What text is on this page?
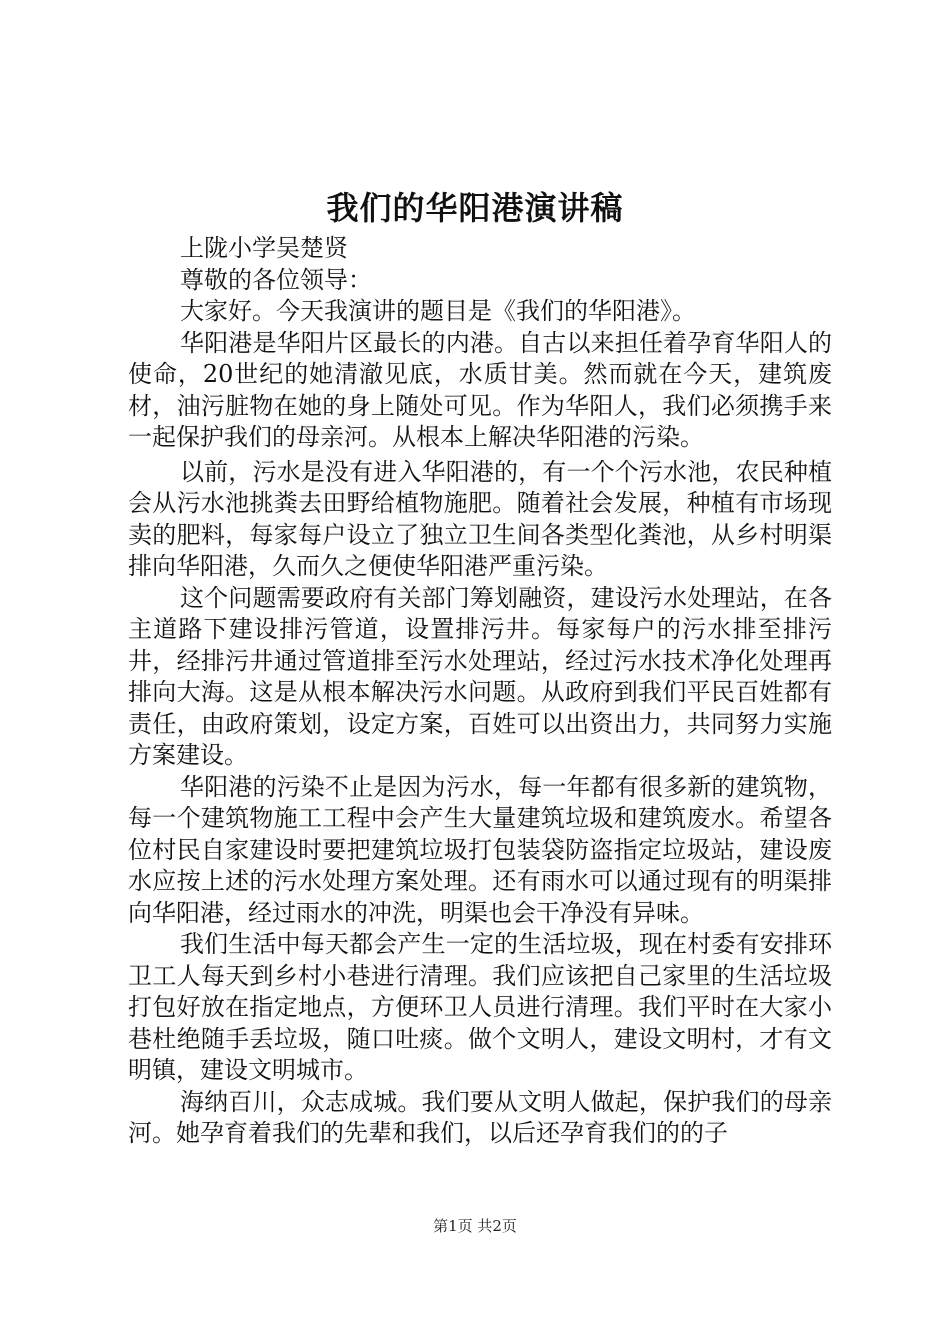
我们的华阳港演讲稿

上陇小学吴楚贤

尊敬的各位领导：

大家好。今天我演讲的题目是《我们的华阳港》。

华阳港是华阳片区最长的内港。自古以来担任着孕育华阳人的使命，20世纪的她清澈见底，水质甘美。然而就在今天，建筑废材，油污脏物在她的身上随处可见。作为华阳人，我们必须携手来一起保护我们的母亲河。从根本上解决华阳港的污染。

以前，污水是没有进入华阳港的，有一个个污水池，农民种植会从污水池挑粪去田野给植物施肥。随着社会发展，种植有市场现卖的肥料，每家每户设立了独立卫生间各类型化粪池，从乡村明渠排向华阳港，久而久之便使华阳港严重污染。

这个问题需要政府有关部门筹划融资，建设污水处理站，在各主道路下建设排污管道，设置排污井。每家每户的污水排至排污井，经排污井通过管道排至污水处理站，经过污水技术净化处理再排向大海。这是从根本解决污水问题。从政府到我们平民百姓都有责任，由政府策划，设定方案，百姓可以出资出力，共同努力实施方案建设。

华阳港的污染不止是因为污水，每一年都有很多新的建筑物，每一个建筑物施工工程中会产生大量建筑垃圾和建筑废水。希望各位村民自家建设时要把建筑垃圾打包装袋防盗指定垃圾站，建设废水应按上述的污水处理方案处理。还有雨水可以通过现有的明渠排向华阳港，经过雨水的冲洗，明渠也会干净没有异味。

我们生活中每天都会产生一定的生活垃圾，现在村委有安排环卫工人每天到乡村小巷进行清理。我们应该把自己家里的生活垃圾打包好放在指定地点，方便环卫人员进行清理。我们平时在大家小巷杜绝随手丢垃圾，随口吐痰。做个文明人，建设文明村，才有文明镇，建设文明城市。

海纳百川，众志成城。我们要从文明人做起，保护我们的母亲河。她孕育着我们的先辈和我们，以后还孕育我们的的子

第1页 共2页
